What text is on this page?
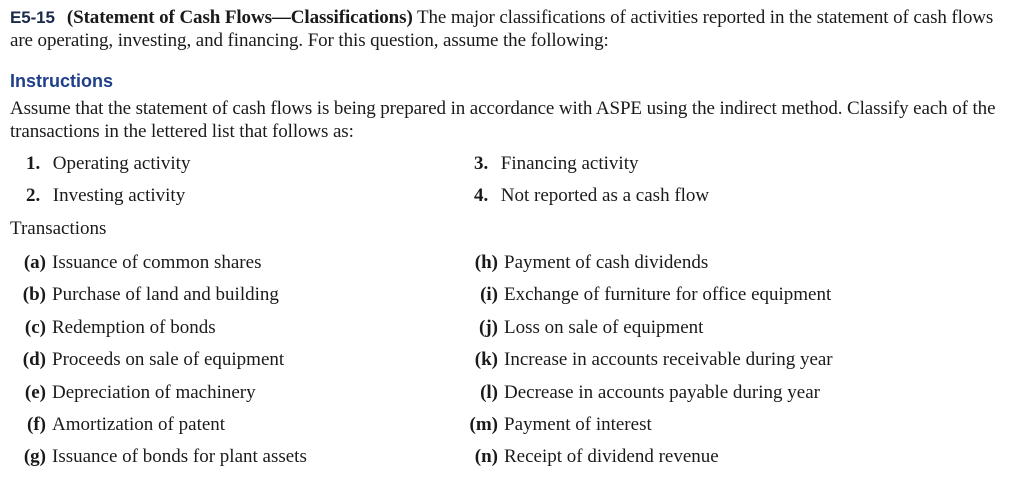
E5-15 (Statement of Cash Flows—Classifications) The major classifications of activities reported in the statement of cash flows are operating, investing, and financing. For this question, assume the following:
Instructions
Assume that the statement of cash flows is being prepared in accordance with ASPE using the indirect method. Classify each of the transactions in the lettered list that follows as:
1. Operating activity	3. Financing activity
2. Investing activity	4. Not reported as a cash flow
Transactions
(a) Issuance of common shares
(b) Purchase of land and building
(c) Redemption of bonds
(d) Proceeds on sale of equipment
(e) Depreciation of machinery
(f) Amortization of patent
(g) Issuance of bonds for plant assets
(h) Payment of cash dividends
(i) Exchange of furniture for office equipment
(j) Loss on sale of equipment
(k) Increase in accounts receivable during year
(l) Decrease in accounts payable during year
(m) Payment of interest
(n) Receipt of dividend revenue
